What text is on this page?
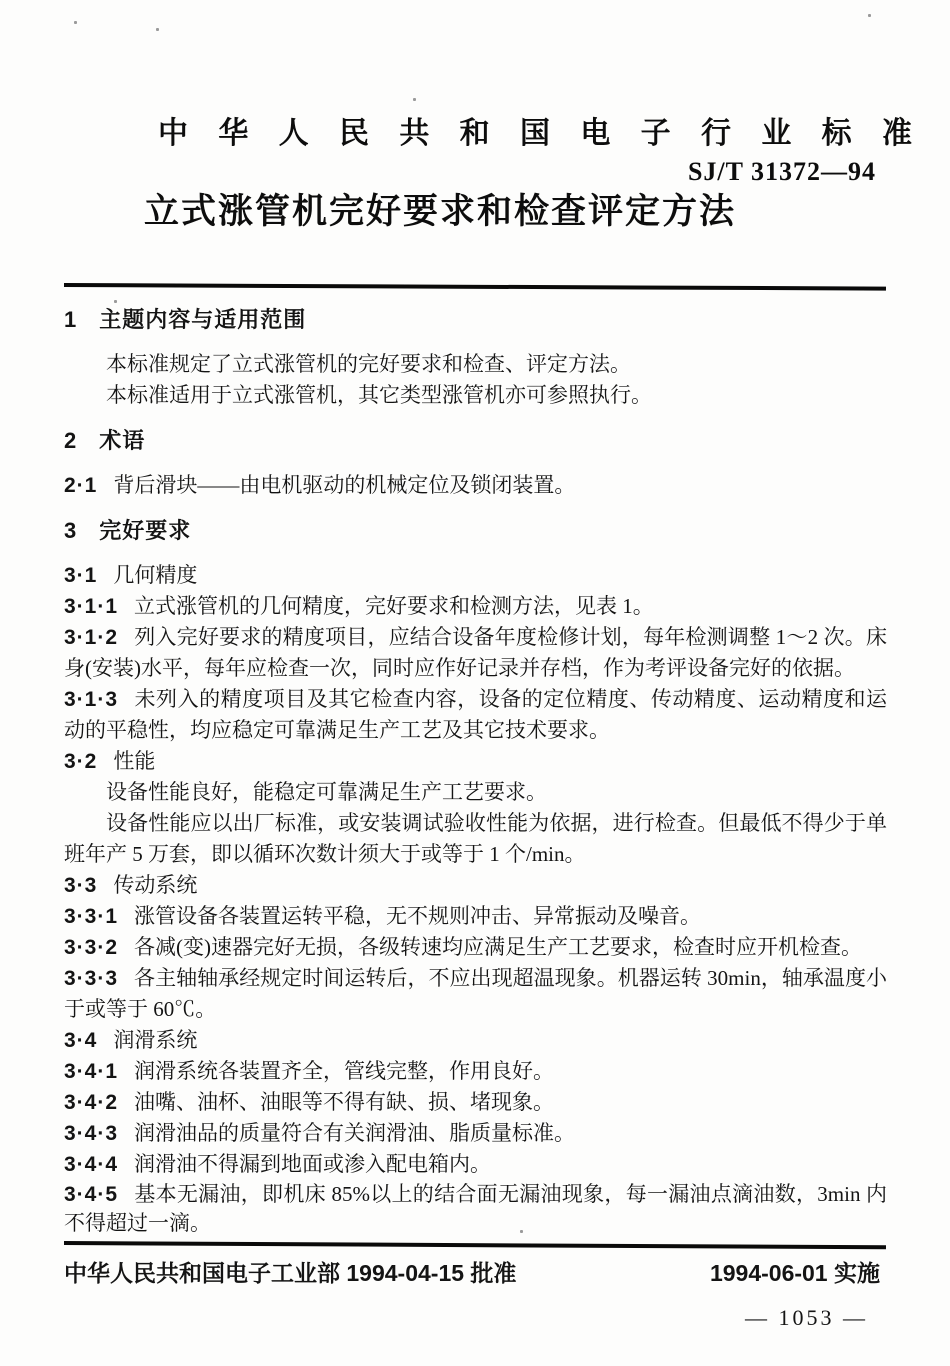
中 华 人 民 共 和 国 电 子 行 业 标 准
SJ/T 31372—94
立式涨管机完好要求和检查评定方法
1 主题内容与适用范围

本标准规定了立式涨管机的完好要求和检查、评定方法。

本标准适用于立式涨管机，其它类型涨管机亦可参照执行。

2 术语

2·1 背后滑块——由电机驱动的机械定位及锁闭装置。

3 完好要求

3·1 几何精度

3·1·1 立式涨管机的几何精度，完好要求和检测方法，见表 1。

3·1·2 列入完好要求的精度项目，应结合设备年度检修计划，每年检测调整 1～2 次。床身(安装)水平，每年应检查一次，同时应作好记录并存档，作为考评设备完好的依据。

3·1·3 未列入的精度项目及其它检查内容，设备的定位精度、传动精度、运动精度和运动的平稳性，均应稳定可靠满足生产工艺及其它技术要求。

3·2 性能

设备性能良好，能稳定可靠满足生产工艺要求。

设备性能应以出厂标准，或安装调试验收性能为依据，进行检查。但最低不得少于单班年产 5 万套，即以循环次数计须大于或等于 1 个/min。

3·3 传动系统

3·3·1 涨管设备各装置运转平稳，无不规则冲击、异常振动及噪音。

3·3·2 各减(变)速器完好无损，各级转速均应满足生产工艺要求，检查时应开机检查。

3·3·3 各主轴轴承经规定时间运转后，不应出现超温现象。机器运转 30min，轴承温度小于或等于 60℃。

3·4 润滑系统

3·4·1 润滑系统各装置齐全，管线完整，作用良好。

3·4·2 油嘴、油杯、油眼等不得有缺、损、堵现象。

3·4·3 润滑油品的质量符合有关润滑油、脂质量标准。

3·4·4 润滑油不得漏到地面或渗入配电箱内。

3·4·5 基本无漏油，即机床 85%以上的结合面无漏油现象，每一漏油点滴油数，3min 内不得超过一滴。

中华人民共和国电子工业部 1994-04-15 批准	1994-06-01 实施
— 1053 —
